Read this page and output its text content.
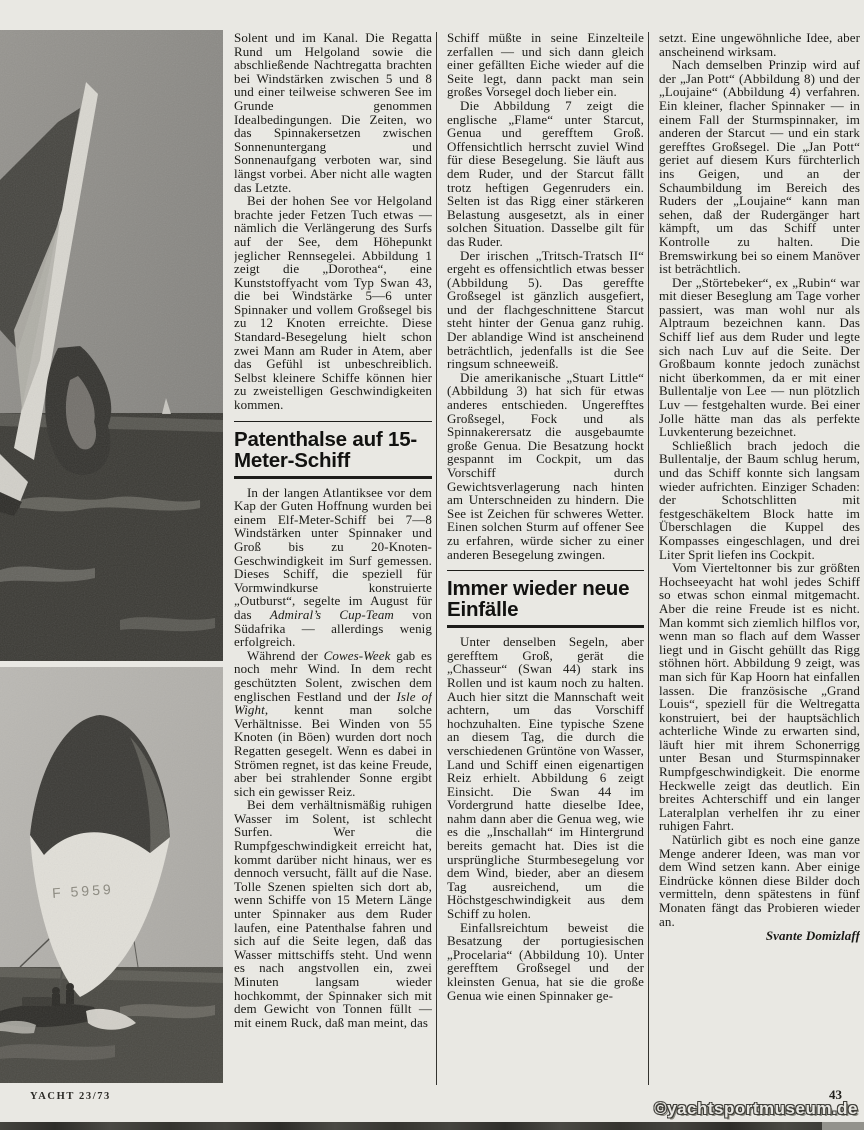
F 5959

Solent und im Kanal. Die Regatta Rund um Helgoland sowie die abschließende Nachtregatta brachten bei Windstärken zwischen 5 und 8 und einer teilweise schweren See im Grunde genommen Idealbedingungen. Die Zeiten, wo das Spinnakersetzen zwischen Sonnenuntergang und Sonnenaufgang verboten war, sind längst vorbei. Aber nicht alle wagten das Letzte.

Bei der hohen See vor Helgoland brachte jeder Fetzen Tuch etwas — nämlich die Verlängerung des Surfs auf der See, dem Höhepunkt jeglicher Rennsegelei. Abbildung 1 zeigt die „Dorothea“, eine Kunststoffyacht vom Typ Swan 43, die bei Windstärke 5—6 unter Spinnaker und vollem Großsegel bis zu 12 Knoten erreichte. Diese Standard-Besegelung hielt schon zwei Mann am Ruder in Atem, aber das Gefühl ist unbeschreiblich. Selbst kleinere Schiffe können hier zu zweistelligen Geschwindigkeiten kommen.

Patenthalse auf 15-Meter-Schiff

In der langen Atlantiksee vor dem Kap der Guten Hoffnung wurden bei einem Elf-Meter-Schiff bei 7—8 Windstärken unter Spinnaker und Groß bis zu 20-Knoten-Geschwindigkeit im Surf gemessen. Dieses Schiff, die speziell für Vormwindkurse konstruierte „Outburst“, segelte im August für das Admiral’s Cup-Team von Südafrika — allerdings wenig erfolgreich.

Während der Cowes-Week gab es noch mehr Wind. In dem recht geschützten Solent, zwischen dem englischen Festland und der Isle of Wight, kennt man solche Verhältnisse. Bei Winden von 55 Knoten (in Böen) wurden dort noch Regatten gesegelt. Wenn es dabei in Strömen regnet, ist das keine Freude, aber bei strahlender Sonne ergibt sich ein gewisser Reiz.

Bei dem verhältnismäßig ruhigen Wasser im Solent, ist schlecht Surfen. Wer die Rumpfgeschwindigkeit erreicht hat, kommt darüber nicht hinaus, wer es dennoch versucht, fällt auf die Nase. Tolle Szenen spielten sich dort ab, wenn Schiffe von 15 Metern Länge unter Spinnaker aus dem Ruder laufen, eine Patenthalse fahren und sich auf die Seite legen, daß das Wasser mittschiffs steht. Und wenn es nach angstvollen ein, zwei Minuten langsam wieder hochkommt, der Spinnaker sich mit dem Gewicht von Tonnen füllt — mit einem Ruck, daß man meint, das

Schiff müßte in seine Einzelteile zerfallen — und sich dann gleich einer gefällten Eiche wieder auf die Seite legt, dann packt man sein großes Vorsegel doch lieber ein.

Die Abbildung 7 zeigt die englische „Flame“ unter Starcut, Genua und gerefftem Groß. Offensichtlich herrscht zuviel Wind für diese Besegelung. Sie läuft aus dem Ruder, und der Starcut fällt trotz heftigen Gegenruders ein. Selten ist das Rigg einer stärkeren Belastung ausgesetzt, als in einer solchen Situation. Dasselbe gilt für das Ruder.

Der irischen „Tritsch-Tratsch II“ ergeht es offensichtlich etwas besser (Abbildung 5). Das gereffte Großsegel ist gänzlich ausgefiert, und der flachgeschnittene Starcut steht hinter der Genua ganz ruhig. Der ablandige Wind ist anscheinend beträchtlich, jedenfalls ist die See ringsum schneeweiß.

Die amerikanische „Stuart Little“ (Abbildung 3) hat sich für etwas anderes entschieden. Ungerefftes Großsegel, Fock und als Spinnakerersatz die ausgebaumte große Genua. Die Besatzung hockt gespannt im Cockpit, um das Vorschiff durch Gewichtsverlagerung nach hinten am Unterschneiden zu hindern. Die See ist Zeichen für schweres Wetter. Einen solchen Sturm auf offener See zu erfahren, würde sicher zu einer anderen Besegelung zwingen.

Immer wieder neue Einfälle

Unter denselben Segeln, aber gerefftem Groß, gerät die „Chasseur“ (Swan 44) stark ins Rollen und ist kaum noch zu halten. Auch hier sitzt die Mannschaft weit achtern, um das Vorschiff hochzuhalten. Eine typische Szene an diesem Tag, die durch die verschiedenen Grüntöne von Wasser, Land und Schiff einen eigenartigen Reiz erhielt. Abbildung 6 zeigt Einsicht. Die Swan 44 im Vordergrund hatte dieselbe Idee, nahm dann aber die Genua weg, wie es die „Inschallah“ im Hintergrund bereits gemacht hat. Dies ist die ursprüngliche Sturmbesegelung vor dem Wind, bieder, aber an diesem Tag ausreichend, um die Höchstgeschwindigkeit aus dem Schiff zu holen.

Einfallsreichtum beweist die Besatzung der portugiesischen „Procelaria“ (Abbildung 10). Unter gerefftem Großsegel und der kleinsten Genua, hat sie die große Genua wie einen Spinnaker ge-

setzt. Eine ungewöhnliche Idee, aber anscheinend wirksam.

Nach demselben Prinzip wird auf der „Jan Pott“ (Abbildung 8) und der „Loujaine“ (Abbildung 4) verfahren. Ein kleiner, flacher Spinnaker — in einem Fall der Sturmspinnaker, im anderen der Starcut — und ein stark gerefftes Großsegel. Die „Jan Pott“ geriet auf diesem Kurs fürchterlich ins Geigen, und an der Schaumbildung im Bereich des Ruders der „Loujaine“ kann man sehen, daß der Rudergänger hart kämpft, um das Schiff unter Kontrolle zu halten. Die Bremswirkung bei so einem Manöver ist beträchtlich.

Der „Störtebeker“, ex „Rubin“ war mit dieser Beseglung am Tage vorher passiert, was man wohl nur als Alptraum bezeichnen kann. Das Schiff lief aus dem Ruder und legte sich nach Luv auf die Seite. Der Großbaum konnte jedoch zunächst nicht überkommen, da er mit einer Bullentalje von Lee — nun plötzlich Luv — festgehalten wurde. Bei einer Jolle hätte man das als perfekte Luvkenterung bezeichnet.

Schließlich brach jedoch die Bullentalje, der Baum schlug herum, und das Schiff konnte sich langsam wieder aufrichten. Einziger Schaden: der Schotschlitten mit festgeschäkeltem Block hatte im Überschlagen die Kuppel des Kompasses eingeschlagen, und drei Liter Sprit liefen ins Cockpit.

Vom Vierteltonner bis zur größten Hochseeyacht hat wohl jedes Schiff so etwas schon einmal mitgemacht. Aber die reine Freude ist es nicht. Man kommt sich ziemlich hilflos vor, wenn man so flach auf dem Wasser liegt und in Gischt gehüllt das Rigg stöhnen hört. Abbildung 9 zeigt, was man sich für Kap Hoorn hat einfallen lassen. Die französische „Grand Louis“, speziell für die Weltregatta konstruiert, bei der hauptsächlich achterliche Winde zu erwarten sind, läuft hier mit ihrem Schonerrigg unter Besan und Sturmspinnaker Rumpfgeschwindigkeit. Die enorme Heckwelle zeigt das deutlich. Ein breites Achterschiff und ein langer Lateralplan verhelfen ihr zu einer ruhigen Fahrt.

Natürlich gibt es noch eine ganze Menge anderer Ideen, was man vor dem Wind setzen kann. Aber einige Eindrücke können diese Bilder doch vermitteln, denn spätestens in fünf Monaten fängt das Probieren wieder an.

Svante Domizlaff

YACHT 23/73	43
©yachtsportmuseum.de
